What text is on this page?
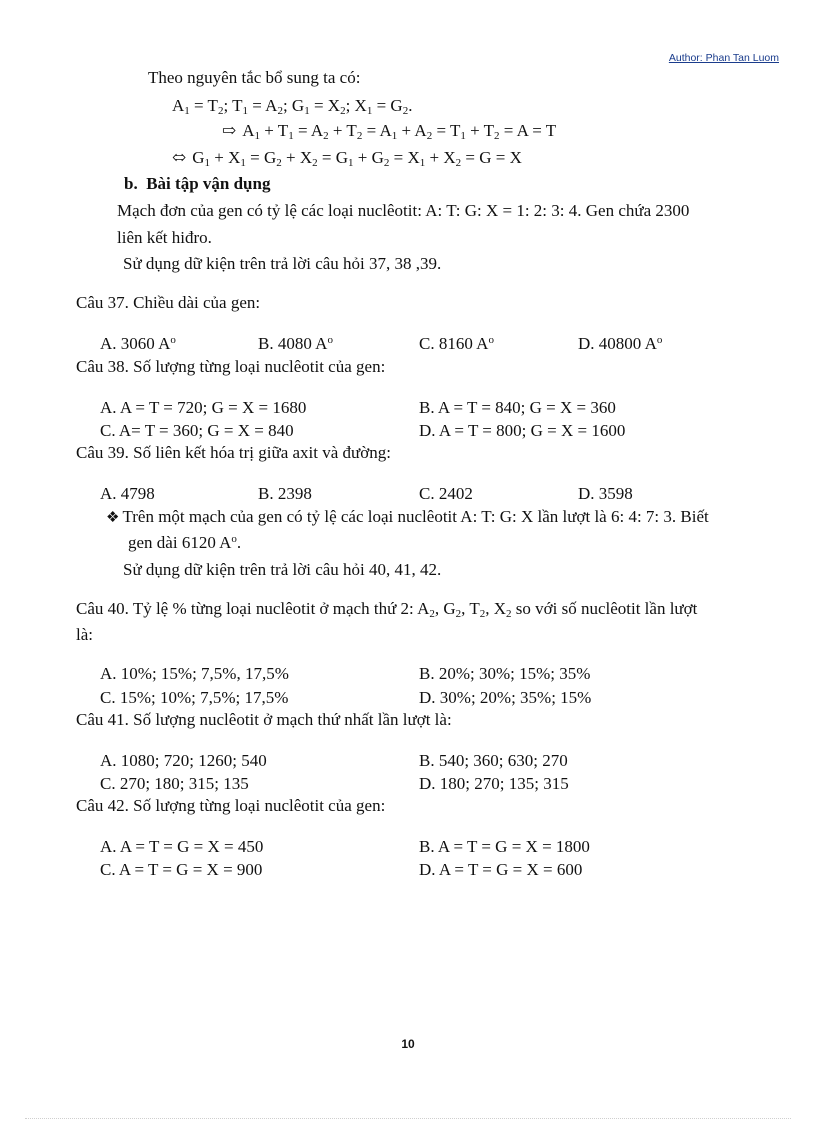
Author: Phan Tan Luom
Theo nguyên tắc bổ sung ta có:
$A_1 = T_2$; $T_1 = A_2$; $G_1 = X_2$; $X_1 = G_2$.
⇨ $A_1 + T_1 = A_2 + T_2 = A_1 + A_2 = T_1 + T_2 = A = T$
⬄ $G_1 + X_1 = G_2 + X_2 = G_1 + G_2 = X_1 + X_2 = G = X$
b. Bài tập vận dụng
Mạch đơn của gen có tỷ lệ các loại nuclêotit: A: T: G: X = 1: 2: 3: 4. Gen chứa 2300
liên kết hiđro.
Sử dụng dữ kiện trên trả lời câu hỏi 37, 38 ,39.
Câu 37. Chiều dài của gen:
A. 3060 $A^o$	B. 4080 $A^o$	C. 8160 $A^o$	D. 40800 $A^o$
Câu 38. Số lượng từng loại nuclêotit của gen:
A. A = T = 720; G = X = 1680	B. A = T = 840; G = X = 360
C. A= T = 360; G = X = 840	D. A = T = 800; G = X = 1600
Câu 39. Số liên kết hóa trị giữa axit và đường:
A. 4798	B. 2398	C. 2402	D. 3598
❖ Trên một mạch của gen có tỷ lệ các loại nuclêotit A: T: G: X lần lượt là 6: 4: 7: 3. Biết
gen dài 6120 $A^o$.
Sử dụng dữ kiện trên trả lời câu hỏi 40, 41, 42.
Câu 40. Tỷ lệ % từng loại nuclêotit ở mạch thứ 2: $A_2$, $G_2$, $T_2$, $X_2$ so với số nuclêotit lần lượt
là:
A. 10%; 15%; 7,5%, 17,5%	B. 20%; 30%; 15%; 35%
C. 15%; 10%; 7,5%; 17,5%	D. 30%; 20%; 35%; 15%
Câu 41. Số lượng nuclêotit ở mạch thứ nhất lần lượt là:
A. 1080; 720; 1260; 540	B. 540; 360; 630; 270
C. 270; 180; 315; 135	D. 180; 270; 135; 315
Câu 42. Số lượng từng loại nuclêotit của gen:
A. A = T = G = X = 450	B. A = T = G = X = 1800
C. A = T = G = X = 900	D. A = T = G = X = 600
10
